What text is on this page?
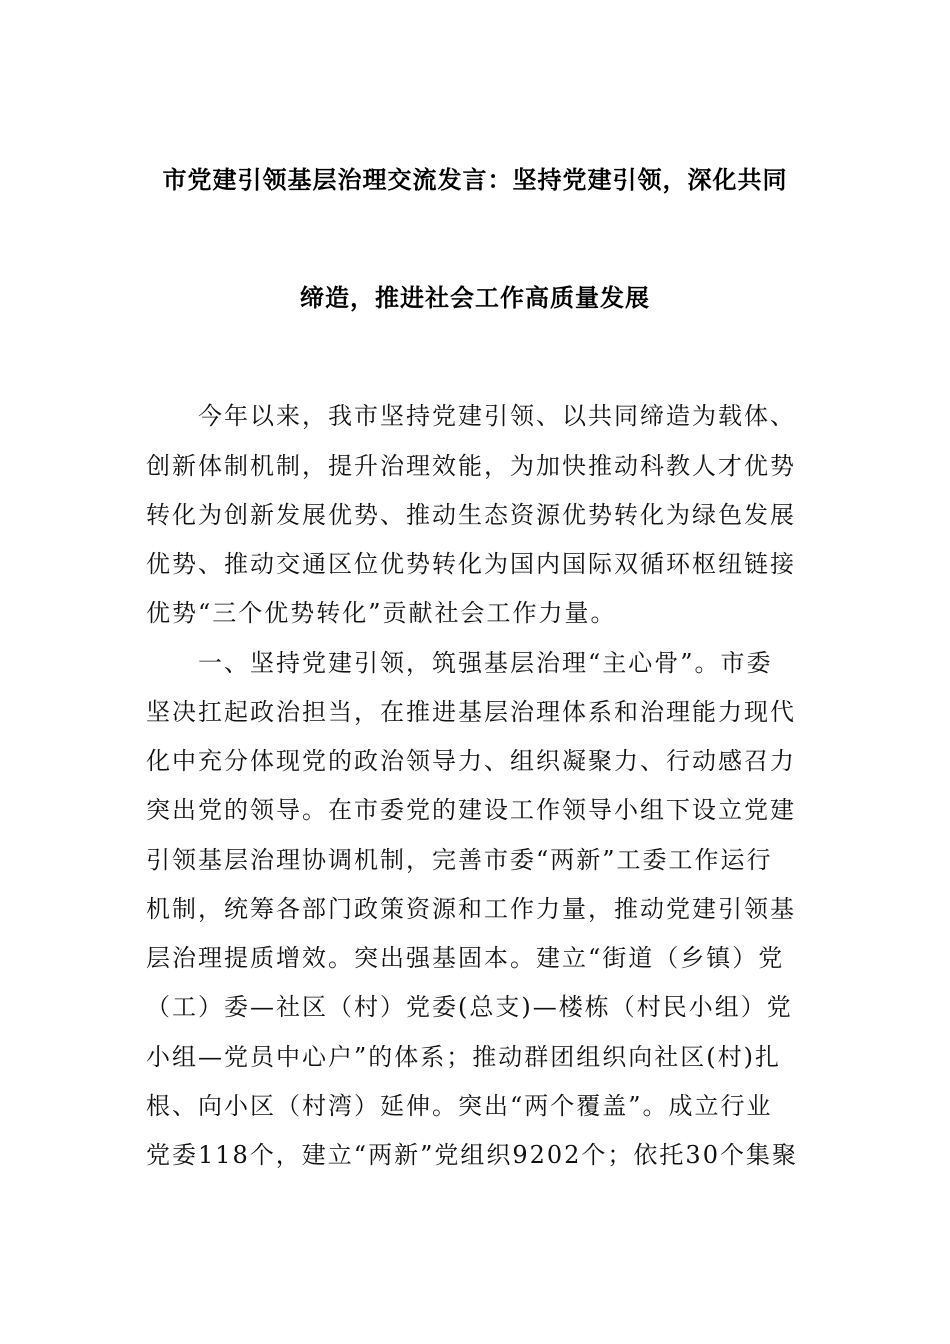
市党建引领基层治理交流发言：坚持党建引领，深化共同
缔造，推进社会工作高质量发展
今年以来，我市坚持党建引领、以共同缔造为载体、
创新体制机制，提升治理效能，为加快推动科教人才优势
转化为创新发展优势、推动生态资源优势转化为绿色发展
优势、推动交通区位优势转化为国内国际双循环枢纽链接
优势“三个优势转化”贡献社会工作力量。
一、坚持党建引领，筑强基层治理“主心骨”。市委
坚决扛起政治担当，在推进基层治理体系和治理能力现代
化中充分体现党的政治领导力、组织凝聚力、行动感召力
突出党的领导。在市委党的建设工作领导小组下设立党建
引领基层治理协调机制，完善市委“两新”工委工作运行
机制，统筹各部门政策资源和工作力量，推动党建引领基
层治理提质增效。突出强基固本。建立“街道（乡镇）党
（工）委—社区（村）党委(总支)—楼栋（村民小组）党
小组—党员中心户”的体系；推动群团组织向社区(村)扎
根、向小区（村湾）延伸。突出“两个覆盖”。成立行业
党委118个，建立“两新”党组织9202个；依托30个集聚
